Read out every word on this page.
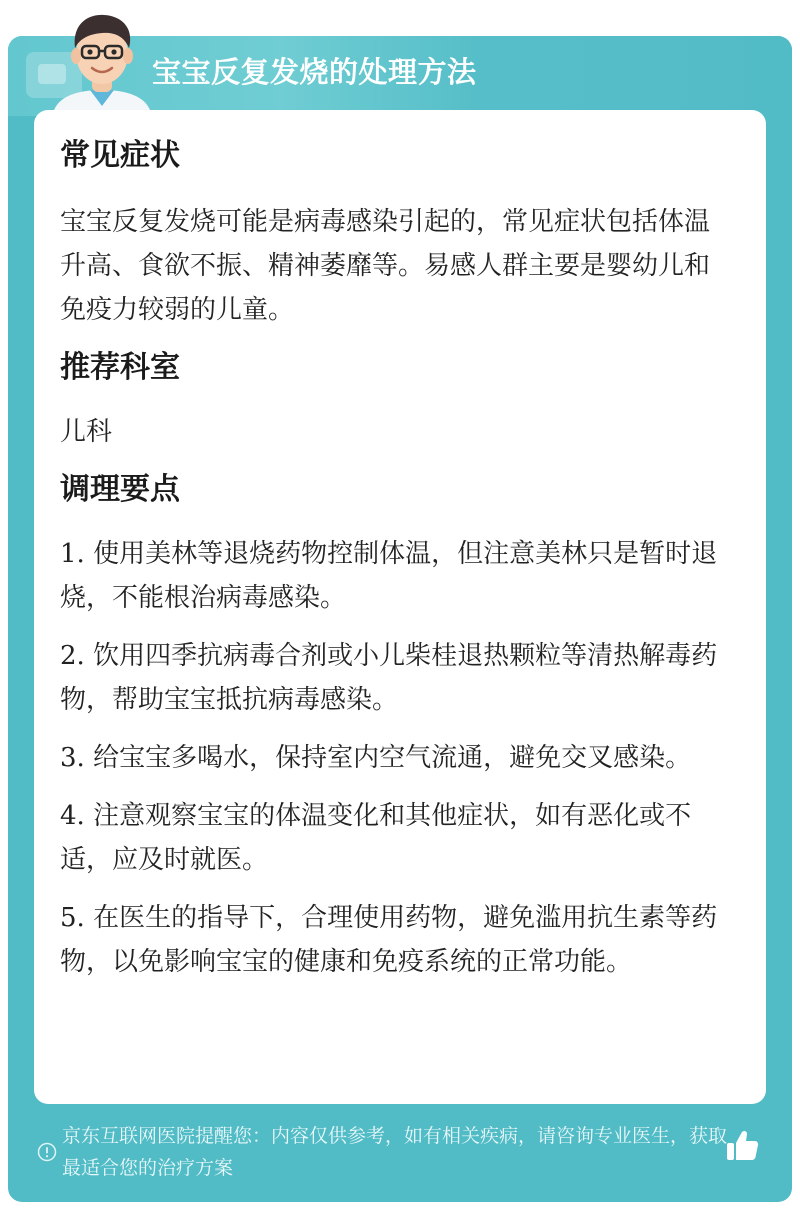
宝宝反复发烧的处理方法
常见症状

宝宝反复发烧可能是病毒感染引起的，常见症状包括体温升高、食欲不振、精神萎靡等。易感人群主要是婴幼儿和免疫力较弱的儿童。

推荐科室

儿科

调理要点
1. 使用美林等退烧药物控制体温，但注意美林只是暂时退烧，不能根治病毒感染。
2. 饮用四季抗病毒合剂或小儿柴桂退热颗粒等清热解毒药物，帮助宝宝抵抗病毒感染。
3. 给宝宝多喝水，保持室内空气流通，避免交叉感染。
4. 注意观察宝宝的体温变化和其他症状，如有恶化或不适，应及时就医。
5. 在医生的指导下，合理使用药物，避免滥用抗生素等药物，以免影响宝宝的健康和免疫系统的正常功能。
京东互联网医院提醒您：内容仅供参考，如有相关疾病，请咨询专业医生，获取最适合您的治疗方案
